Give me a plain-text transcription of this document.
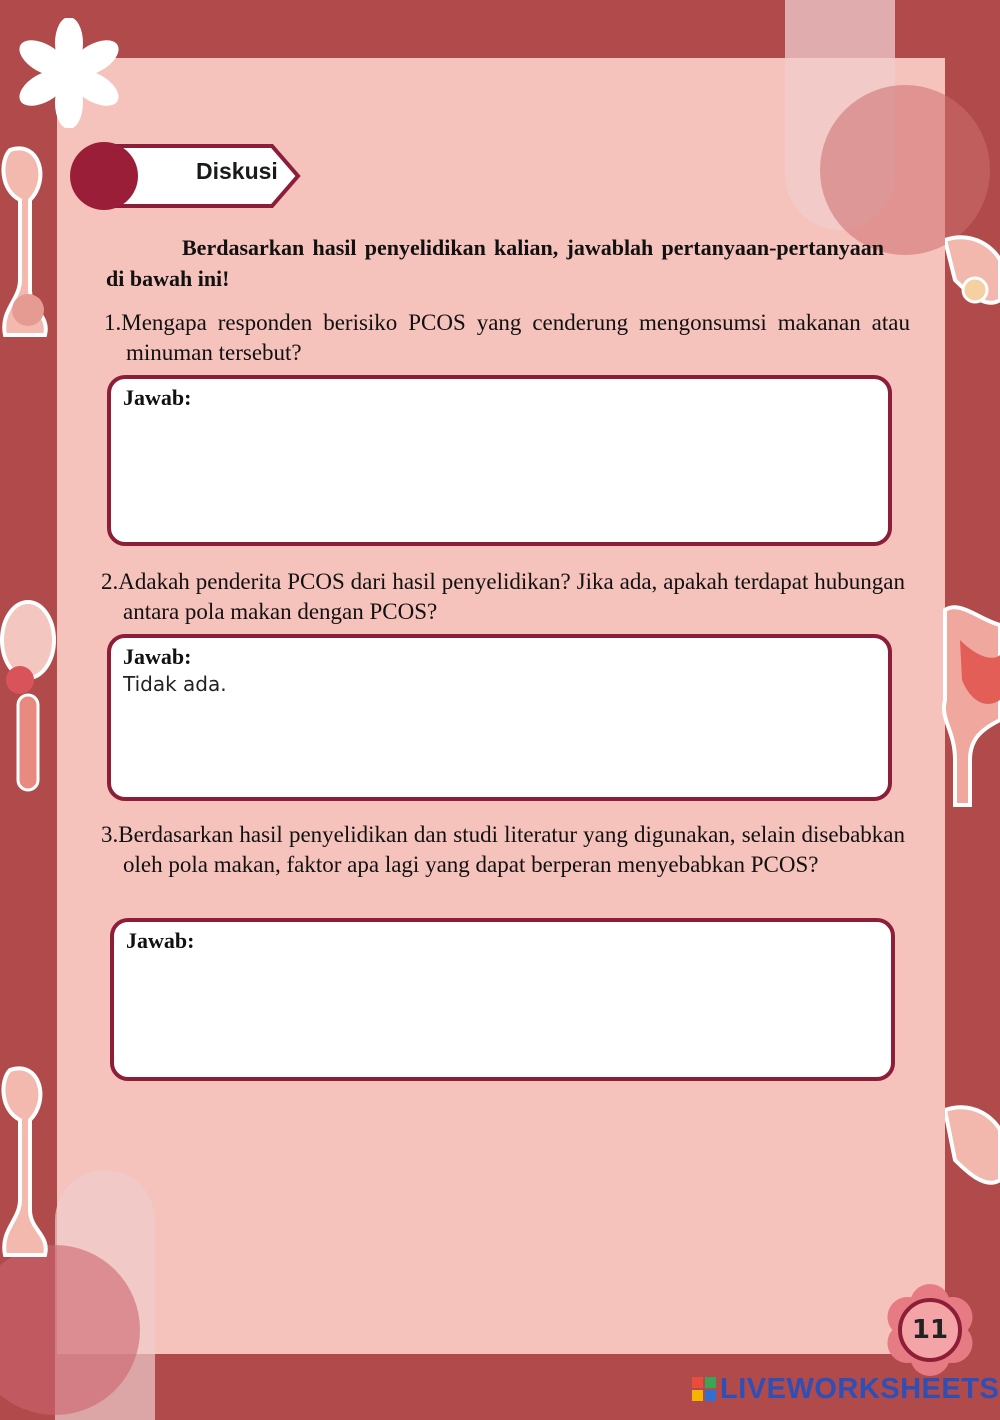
Diskusi
Berdasarkan hasil penyelidikan kalian, jawablah pertanyaan-pertanyaan di bawah ini!
1.Mengapa responden berisiko PCOS yang cenderung mengonsumsi makanan atau minuman tersebut?
Jawab:
2.Adakah penderita PCOS dari hasil penyelidikan? Jika ada, apakah terdapat hubungan antara pola makan dengan PCOS?
Jawab:
Tidak ada.
3.Berdasarkan hasil penyelidikan dan studi literatur yang digunakan, selain disebabkan oleh pola makan, faktor apa lagi yang dapat berperan menyebabkan PCOS?
Jawab:
11
LIVEWORKSHEETS
